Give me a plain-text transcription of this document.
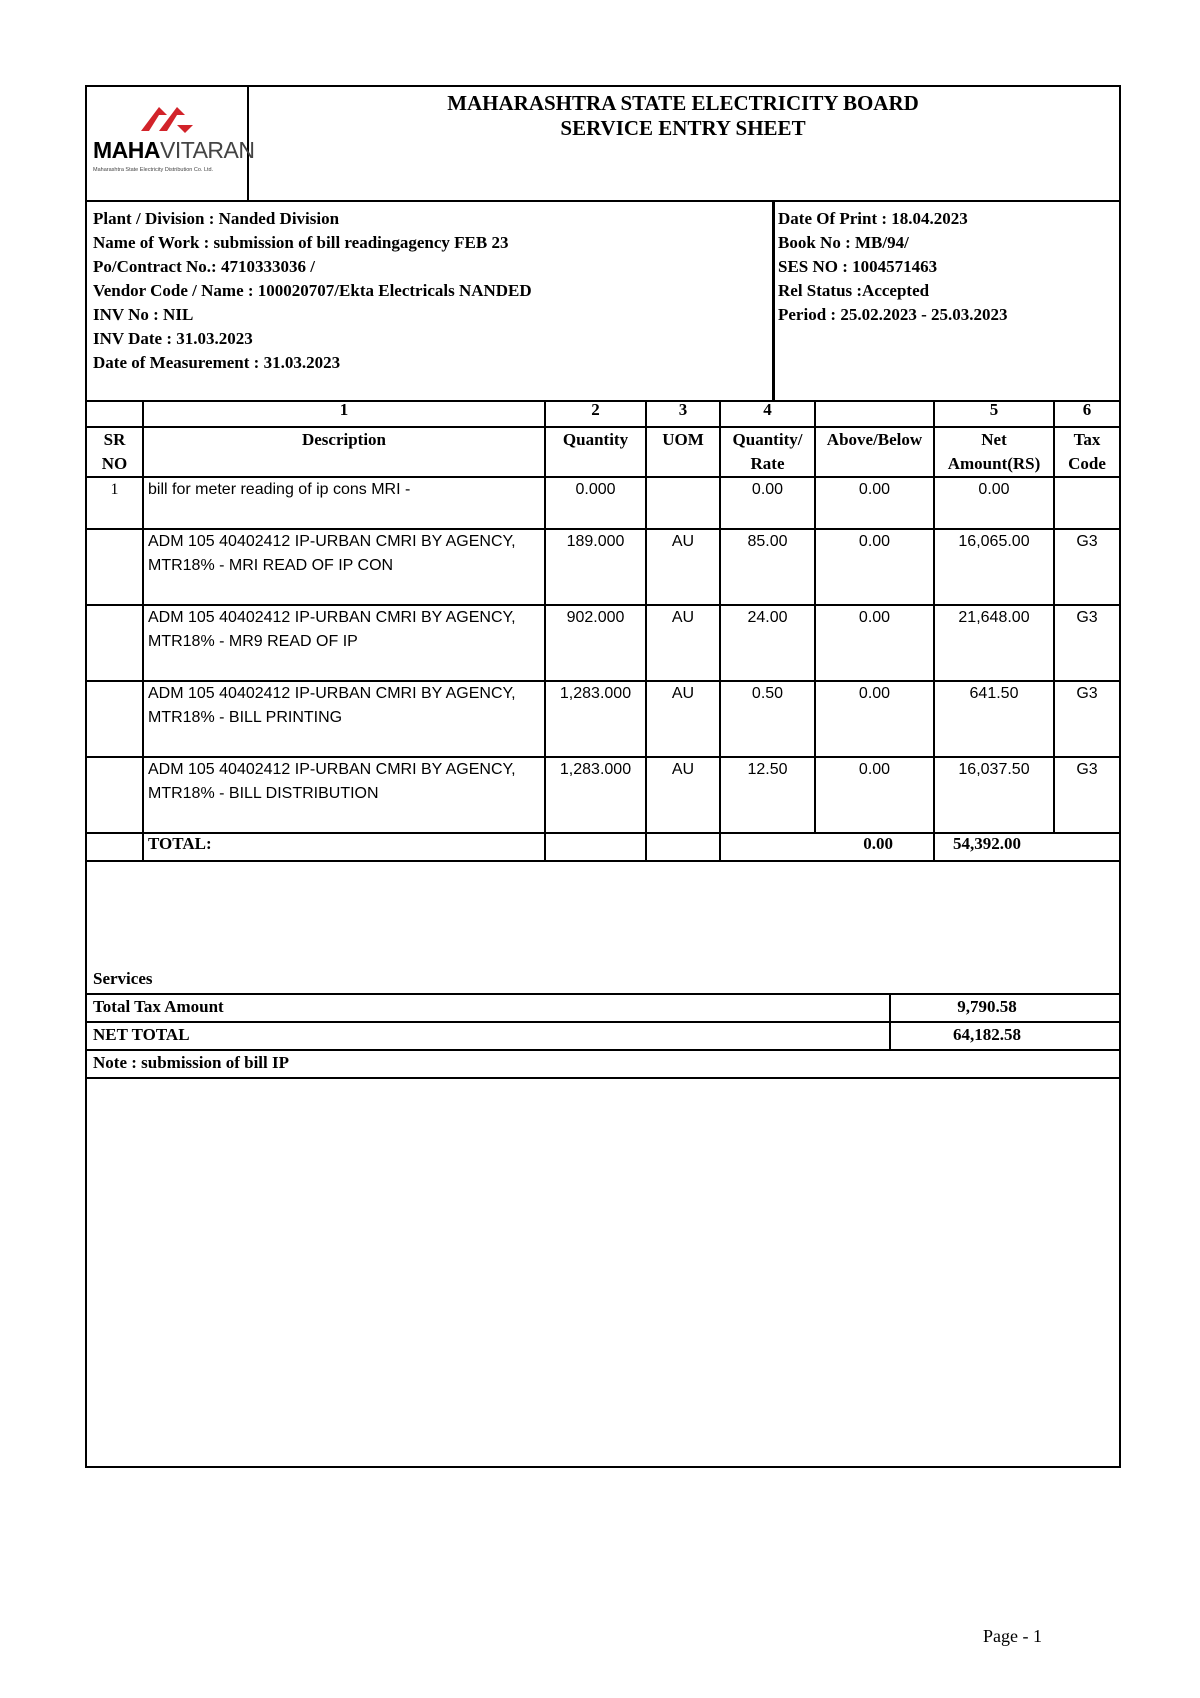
MAHAVITARAN
Maharashtra State Electricity Distribution Co. Ltd.
MAHARASHTRA STATE ELECTRICITY BOARD
SERVICE ENTRY SHEET
Plant / Division : Nanded Division
Name of Work : submission of bill readingagency FEB 23
Po/Contract No.: 4710333036 /
Vendor Code / Name : 100020707/Ekta Electricals NANDED
INV No : NIL
INV Date : 31.03.2023
Date of Measurement : 31.03.2023
Date Of Print : 18.04.2023
Book No : MB/94/
SES NO : 1004571463
Rel Status :Accepted
Period : 25.02.2023 - 25.03.2023
	1	2	3	4		5	6
SR NO	Description	Quantity	UOM	Quantity/ Rate	Above/Below	Net Amount(RS)	Tax Code
1	bill for meter reading of ip cons MRI -	0.000		0.00	0.00	0.00	
	ADM 105 40402412 IP-URBAN CMRI BY AGENCY, MTR18% - MRI READ OF IP CON	189.000	AU	85.00	0.00	16,065.00	G3
	ADM 105 40402412 IP-URBAN CMRI BY AGENCY, MTR18% - MR9 READ OF IP	902.000	AU	24.00	0.00	21,648.00	G3
	ADM 105 40402412 IP-URBAN CMRI BY AGENCY, MTR18% - BILL PRINTING	1,283.000	AU	0.50	0.00	641.50	G3
	ADM 105 40402412 IP-URBAN CMRI BY AGENCY, MTR18% - BILL DISTRIBUTION	1,283.000	AU	12.50	0.00	16,037.50	G3
	TOTAL:			0.00		54,392.00	
Services
Total Tax Amount	9,790.58
NET TOTAL	64,182.58
Note : submission of bill IP
Page - 1
